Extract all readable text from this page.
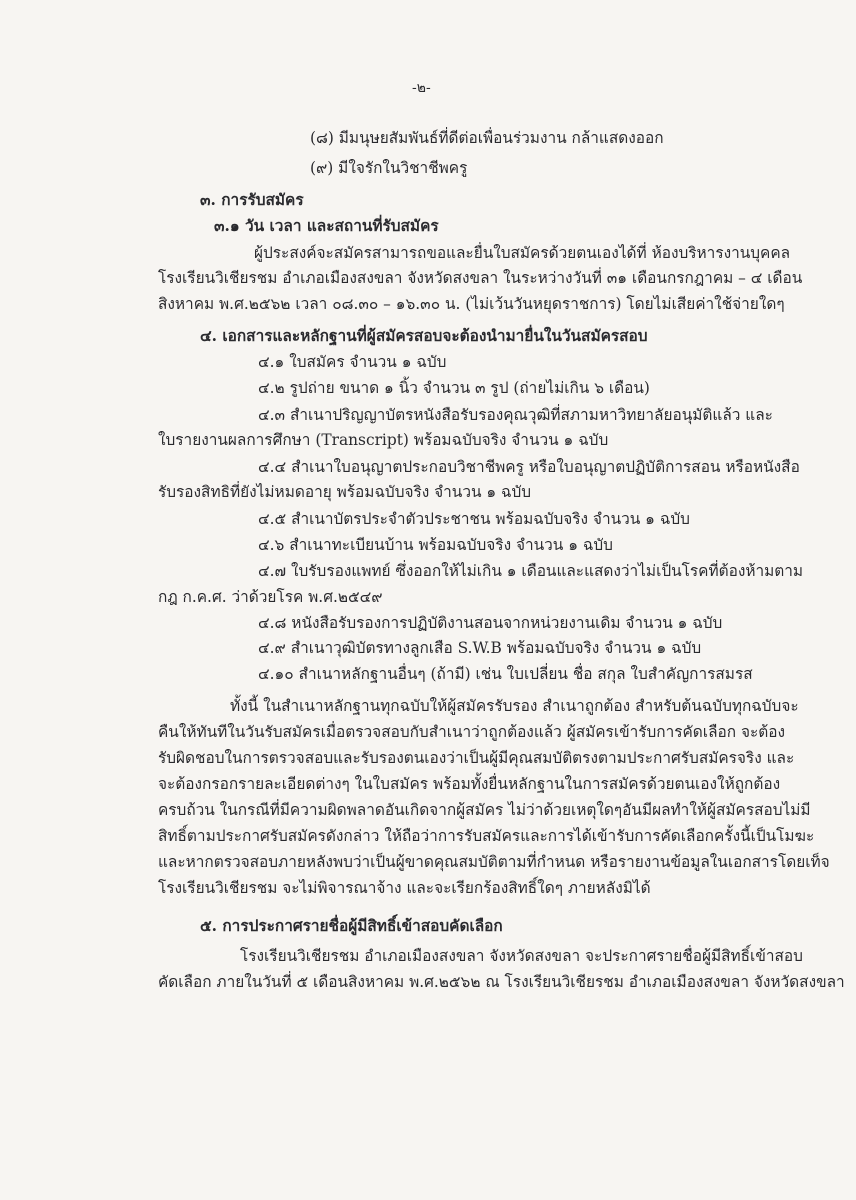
-๒-
(๘) มีมนุษยสัมพันธ์ที่ดีต่อเพื่อนร่วมงาน กล้าแสดงออก
(๙) มีใจรักในวิชาชีพครู
๓. การรับสมัคร
๓.๑ วัน เวลา และสถานที่รับสมัคร
ผู้ประสงค์จะสมัครสามารถขอและยื่นใบสมัครด้วยตนเองได้ที่ ห้องบริหารงานบุคคล
โรงเรียนวิเชียรชม อำเภอเมืองสงขลา จังหวัดสงขลา ในระหว่างวันที่ ๓๑ เดือนกรกฎาคม – ๔ เดือน
สิงหาคม พ.ศ.๒๕๖๒ เวลา ๐๘.๓๐ – ๑๖.๓๐ น. (ไม่เว้นวันหยุดราชการ) โดยไม่เสียค่าใช้จ่ายใดๆ
๔. เอกสารและหลักฐานที่ผู้สมัครสอบจะต้องนำมายื่นในวันสมัครสอบ
๔.๑ ใบสมัคร จำนวน ๑ ฉบับ
๔.๒ รูปถ่าย ขนาด ๑ นิ้ว จำนวน ๓ รูป (ถ่ายไม่เกิน ๖ เดือน)
๔.๓ สำเนาปริญญาบัตรหนังสือรับรองคุณวุฒิที่สภามหาวิทยาลัยอนุมัติแล้ว และ
ใบรายงานผลการศึกษา (Transcript) พร้อมฉบับจริง จำนวน ๑ ฉบับ
๔.๔ สำเนาใบอนุญาตประกอบวิชาชีพครู หรือใบอนุญาตปฏิบัติการสอน หรือหนังสือ
รับรองสิทธิที่ยังไม่หมดอายุ พร้อมฉบับจริง จำนวน ๑ ฉบับ
๔.๕ สำเนาบัตรประจำตัวประชาชน พร้อมฉบับจริง จำนวน ๑ ฉบับ
๔.๖ สำเนาทะเบียนบ้าน พร้อมฉบับจริง จำนวน ๑ ฉบับ
๔.๗ ใบรับรองแพทย์ ซึ่งออกให้ไม่เกิน ๑ เดือนและแสดงว่าไม่เป็นโรคที่ต้องห้ามตาม
กฎ ก.ค.ศ. ว่าด้วยโรค พ.ศ.๒๕๔๙
๔.๘ หนังสือรับรองการปฏิบัติงานสอนจากหน่วยงานเดิม จำนวน ๑ ฉบับ
๔.๙ สำเนาวุฒิบัตรทางลูกเสือ S.W.B พร้อมฉบับจริง จำนวน ๑ ฉบับ
๔.๑๐ สำเนาหลักฐานอื่นๆ (ถ้ามี) เช่น ใบเปลี่ยน ชื่อ สกุล ใบสำคัญการสมรส
ทั้งนี้ ในสำเนาหลักฐานทุกฉบับให้ผู้สมัครรับรอง สำเนาถูกต้อง สำหรับต้นฉบับทุกฉบับจะ
คืนให้ทันทีในวันรับสมัครเมื่อตรวจสอบกับสำเนาว่าถูกต้องแล้ว ผู้สมัครเข้ารับการคัดเลือก จะต้อง
รับผิดชอบในการตรวจสอบและรับรองตนเองว่าเป็นผู้มีคุณสมบัติตรงตามประกาศรับสมัครจริง และ
จะต้องกรอกรายละเอียดต่างๆ ในใบสมัคร พร้อมทั้งยื่นหลักฐานในการสมัครด้วยตนเองให้ถูกต้อง
ครบถ้วน ในกรณีที่มีความผิดพลาดอันเกิดจากผู้สมัคร ไม่ว่าด้วยเหตุใดๆอันมีผลทำให้ผู้สมัครสอบไม่มี
สิทธิ์ตามประกาศรับสมัครดังกล่าว ให้ถือว่าการรับสมัครและการได้เข้ารับการคัดเลือกครั้งนี้เป็นโมฆะ
และหากตรวจสอบภายหลังพบว่าเป็นผู้ขาดคุณสมบัติตามที่กำหนด หรือรายงานข้อมูลในเอกสารโดยเท็จ
โรงเรียนวิเชียรชม จะไม่พิจารณาจ้าง และจะเรียกร้องสิทธิ์ใดๆ ภายหลังมิได้
๕. การประกาศรายชื่อผู้มีสิทธิ์เข้าสอบคัดเลือก
โรงเรียนวิเชียรชม อำเภอเมืองสงขลา จังหวัดสงขลา จะประกาศรายชื่อผู้มีสิทธิ์เข้าสอบ
คัดเลือก ภายในวันที่ ๕ เดือนสิงหาคม พ.ศ.๒๕๖๒ ณ โรงเรียนวิเชียรชม อำเภอเมืองสงขลา จังหวัดสงขลา
